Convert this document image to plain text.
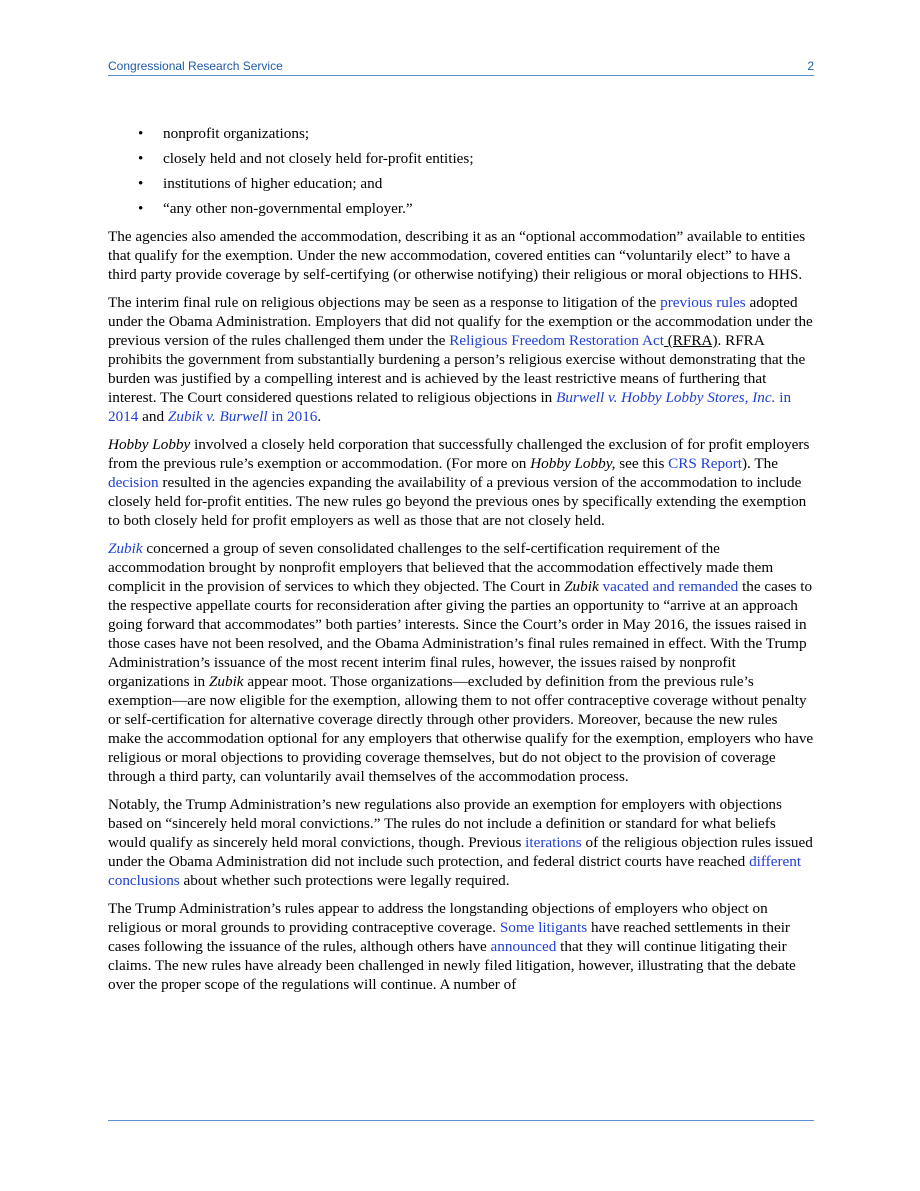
Congressional Research Service	2
• nonprofit organizations;
• closely held and not closely held for-profit entities;
• institutions of higher education; and
• “any other non-governmental employer.”

The agencies also amended the accommodation, describing it as an “optional accommodation” available to entities that qualify for the exemption. Under the new accommodation, covered entities can “voluntarily elect” to have a third party provide coverage by self-certifying (or otherwise notifying) their religious or moral objections to HHS.

The interim final rule on religious objections may be seen as a response to litigation of the previous rules adopted under the Obama Administration. Employers that did not qualify for the exemption or the accommodation under the previous version of the rules challenged them under the Religious Freedom Restoration Act (RFRA). RFRA prohibits the government from substantially burdening a person’s religious exercise without demonstrating that the burden was justified by a compelling interest and is achieved by the least restrictive means of furthering that interest. The Court considered questions related to religious objections in Burwell v. Hobby Lobby Stores, Inc. in 2014 and Zubik v. Burwell in 2016.

Hobby Lobby involved a closely held corporation that successfully challenged the exclusion of for profit employers from the previous rule’s exemption or accommodation. (For more on Hobby Lobby, see this CRS Report). The decision resulted in the agencies expanding the availability of a previous version of the accommodation to include closely held for-profit entities. The new rules go beyond the previous ones by specifically extending the exemption to both closely held for profit employers as well as those that are not closely held.

Zubik concerned a group of seven consolidated challenges to the self-certification requirement of the accommodation brought by nonprofit employers that believed that the accommodation effectively made them complicit in the provision of services to which they objected. The Court in Zubik vacated and remanded the cases to the respective appellate courts for reconsideration after giving the parties an opportunity to “arrive at an approach going forward that accommodates” both parties’ interests. Since the Court’s order in May 2016, the issues raised in those cases have not been resolved, and the Obama Administration’s final rules remained in effect. With the Trump Administration’s issuance of the most recent interim final rules, however, the issues raised by nonprofit organizations in Zubik appear moot. Those organizations—excluded by definition from the previous rule’s exemption—are now eligible for the exemption, allowing them to not offer contraceptive coverage without penalty or self-certification for alternative coverage directly through other providers. Moreover, because the new rules make the accommodation optional for any employers that otherwise qualify for the exemption, employers who have religious or moral objections to providing coverage themselves, but do not object to the provision of coverage through a third party, can voluntarily avail themselves of the accommodation process.

Notably, the Trump Administration’s new regulations also provide an exemption for employers with objections based on “sincerely held moral convictions.” The rules do not include a definition or standard for what beliefs would qualify as sincerely held moral convictions, though. Previous iterations of the religious objection rules issued under the Obama Administration did not include such protection, and federal district courts have reached different conclusions about whether such protections were legally required.

The Trump Administration’s rules appear to address the longstanding objections of employers who object on religious or moral grounds to providing contraceptive coverage. Some litigants have reached settlements in their cases following the issuance of the rules, although others have announced that they will continue litigating their claims. The new rules have already been challenged in newly filed litigation, however, illustrating that the debate over the proper scope of the regulations will continue. A number of
